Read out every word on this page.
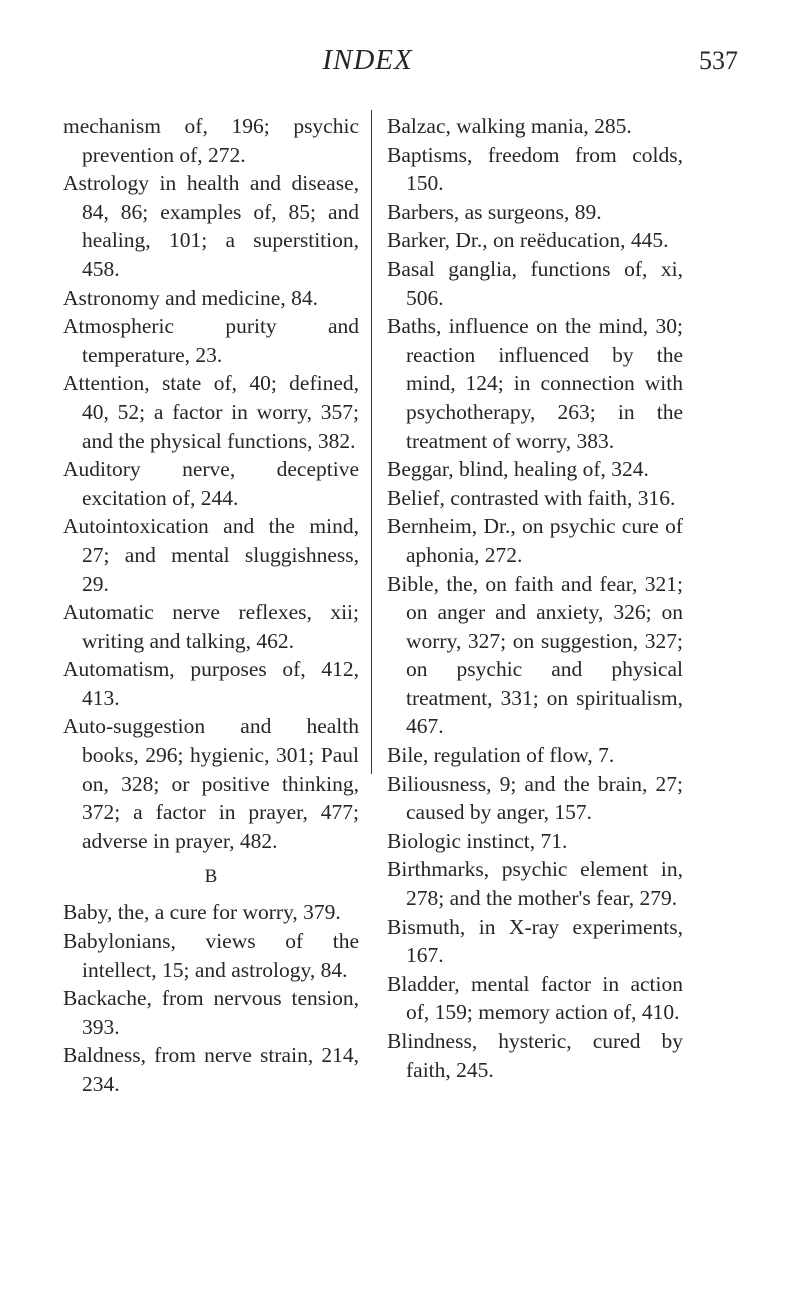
INDEX	537

mechanism of, 196; psychic prevention of, 272.

Astrology in health and disease, 84, 86; examples of, 85; and healing, 101; a superstition, 458.

Astronomy and medicine, 84.

Atmospheric purity and temperature, 23.

Attention, state of, 40; defined, 40, 52; a factor in worry, 357; and the physical functions, 382.

Auditory nerve, deceptive excitation of, 244.

Autointoxication and the mind, 27; and mental sluggishness, 29.

Automatic nerve reflexes, xii; writing and talking, 462.

Automatism, purposes of, 412, 413.

Auto-suggestion and health books, 296; hygienic, 301; Paul on, 328; or positive thinking, 372; a factor in prayer, 477; adverse in prayer, 482.

B

Baby, the, a cure for worry, 379.

Babylonians, views of the intellect, 15; and astrology, 84.

Backache, from nervous tension, 393.

Baldness, from nerve strain, 214, 234.

Balzac, walking mania, 285.

Baptisms, freedom from colds, 150.

Barbers, as surgeons, 89.

Barker, Dr., on reëducation, 445.

Basal ganglia, functions of, xi, 506.

Baths, influence on the mind, 30; reaction influenced by the mind, 124; in connection with psychotherapy, 263; in the treatment of worry, 383.

Beggar, blind, healing of, 324.

Belief, contrasted with faith, 316.

Bernheim, Dr., on psychic cure of aphonia, 272.

Bible, the, on faith and fear, 321; on anger and anxiety, 326; on worry, 327; on suggestion, 327; on psychic and physical treatment, 331; on spiritualism, 467.

Bile, regulation of flow, 7.

Biliousness, 9; and the brain, 27; caused by anger, 157.

Biologic instinct, 71.

Birthmarks, psychic element in, 278; and the mother's fear, 279.

Bismuth, in X-ray experiments, 167.

Bladder, mental factor in action of, 159; memory action of, 410.

Blindness, hysteric, cured by faith, 245.
